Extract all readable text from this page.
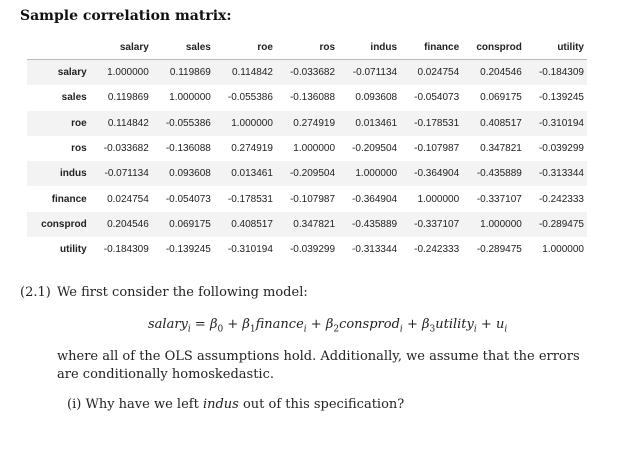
Sample correlation matrix:
	salary	sales	roe	ros	indus	finance	consprod	utility
salary	1.000000	0.119869	0.114842	-0.033682	-0.071134	0.024754	0.204546	-0.184309
sales	0.119869	1.000000	-0.055386	-0.136088	0.093608	-0.054073	0.069175	-0.139245
roe	0.114842	-0.055386	1.000000	0.274919	0.013461	-0.178531	0.408517	-0.310194
ros	-0.033682	-0.136088	0.274919	1.000000	-0.209504	-0.107987	0.347821	-0.039299
indus	-0.071134	0.093608	0.013461	-0.209504	1.000000	-0.364904	-0.435889	-0.313344
finance	0.024754	-0.054073	-0.178531	-0.107987	-0.364904	1.000000	-0.337107	-0.242333
consprod	0.204546	0.069175	0.408517	0.347821	-0.435889	-0.337107	1.000000	-0.289475
utility	-0.184309	-0.139245	-0.310194	-0.039299	-0.313344	-0.242333	-0.289475	1.000000
(2.1) We first consider the following model:
salary$_i$ = $\beta_0$ + $\beta_1finance_i$ + $\beta_2consprod_i$ + $\beta_3utility_i + u_i$
where all of the OLS assumptions hold. Additionally, we assume that the errors are conditionally homoskedastic.
(i) Why have we left indus out of this specification?
